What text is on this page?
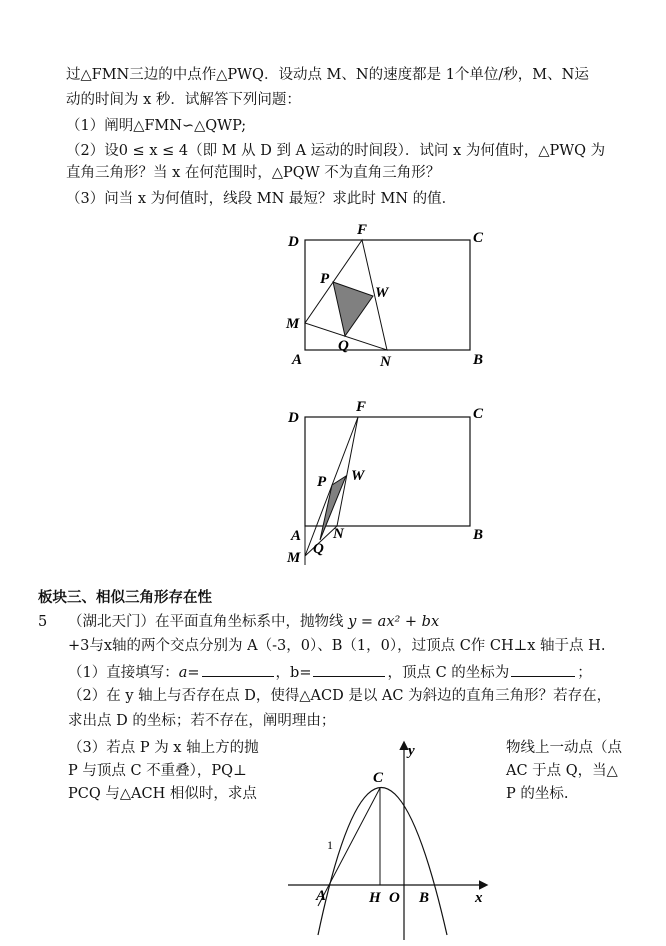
过△FMN三边的中点作△PWQ．设动点 M、N的速度都是 1个单位/秒，M、N运
动的时间为 x 秒．试解答下列问题：
（1）阐明△FMN∽△QWP;
（2）设0 ≤ x ≤ 4（即 M 从 D 到 A 运动的时间段）．试问 x 为何值时，△PWQ 为
直角三角形？当 x 在何范围时，△PQW 不为直角三角形？
（3）问当 x 为何值时，线段 MN 最短？求此时 MN 的值．
D
F	C
P
W
M
Q
A	N	B
D
F	C
P W
A N	B
Q
M
板块三、相似三角形存在性
5 （湖北天门）在平面直角坐标系中，抛物线 y = ax² + bx
+3与x轴的两个交点分别为 A（-3，0）、B（1，0），过顶点 C作 CH⊥x 轴于点 H.
（1）直接填写：a=	，b=	，顶点 C 的坐标为	；
（2）在 y 轴上与否存在点 D，使得△ACD 是以 AC 为斜边的直角三角形？若存在，
求出点 D 的坐标；若不存在，阐明理由；
（3）若点 P 为 x 轴上方的抛
P 与顶点 C 不重叠），PQ⊥
PCQ 与△ACH 相似时，求点
物线上一动点（点
AC 于点 Q，当△
P 的坐标.
y
x
C
A	H O B
1
